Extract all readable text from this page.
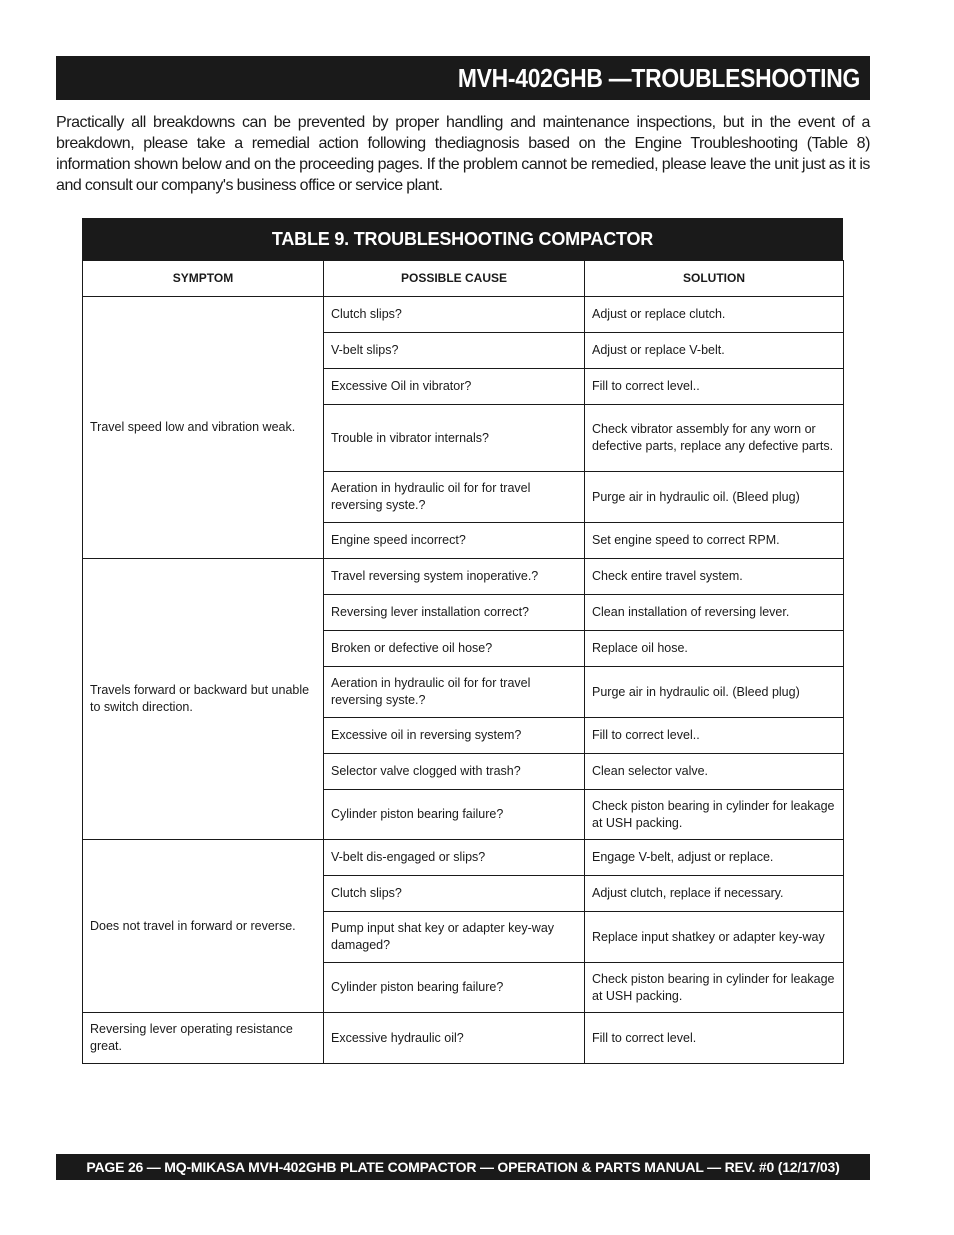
MVH-402GHB —TROUBLESHOOTING

Practically all breakdowns can be prevented by proper handling and maintenance inspections, but in the event of a breakdown, please take a remedial action following thediagnosis based on the Engine Troubleshooting (Table 8) information shown below and on the proceeding pages. If the problem cannot be remedied, please leave the unit just as it is and consult our company's business office or service plant.

TABLE 9. TROUBLESHOOTING COMPACTOR
SYMPTOM	POSSIBLE CAUSE	SOLUTION
Travel speed low and vibration weak.	Clutch slips?	Adjust or replace clutch.
	V-belt slips?	Adjust or replace V-belt.
	Excessive Oil in vibrator?	Fill to correct level..
	Trouble in vibrator internals?	Check vibrator assembly for any worn or defective parts, replace any defective parts.
	Aeration in hydraulic oil for for travel reversing syste.?	Purge air in hydraulic oil. (Bleed plug)
	Engine speed incorrect?	Set engine speed to correct RPM.
Travels forward or backward but unable to switch direction.	Travel reversing system inoperative.?	Check entire travel system.
	Reversing lever installation correct?	Clean installation of reversing lever.
	Broken or defective oil hose?	Replace oil hose.
	Aeration in hydraulic oil for for travel reversing syste.?	Purge air in hydraulic oil. (Bleed plug)
	Excessive oil in reversing system?	Fill to correct level..
	Selector valve clogged with trash?	Clean selector valve.
	Cylinder piston bearing failure?	Check piston bearing in cylinder for leakage at USH packing.
Does not travel in forward or reverse.	V-belt dis-engaged or slips?	Engage V-belt, adjust or replace.
	Clutch slips?	Adjust clutch, replace if necessary.
	Pump input shat key or adapter key-way damaged?	Replace input shatkey or adapter key-way
	Cylinder piston bearing failure?	Check piston bearing in cylinder for leakage at USH packing.
Reversing lever operating resistance great.	Excessive hydraulic oil?	Fill to correct level.
PAGE 26 — MQ-MIKASA MVH-402GHB PLATE COMPACTOR — OPERATION & PARTS MANUAL — REV. #0 (12/17/03)
